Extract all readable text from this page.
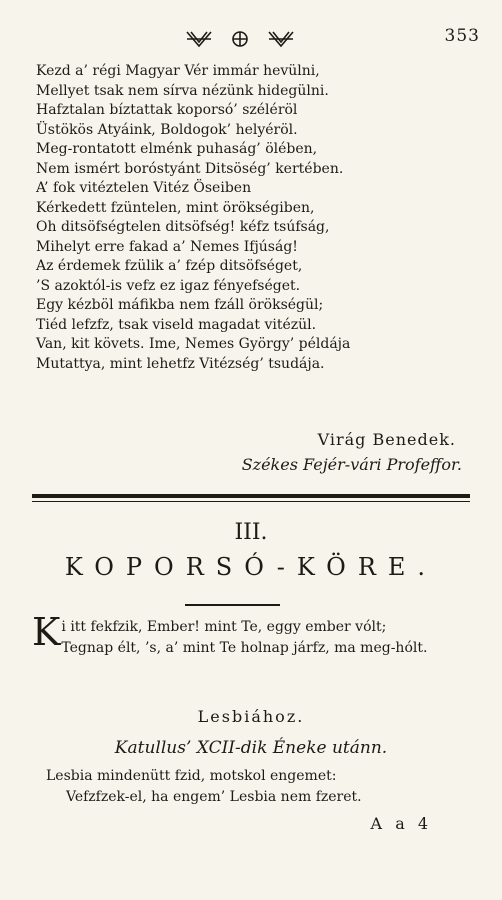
353
Kezd a’ régi Magyar Vér immár hevülni,
Mellyet tsak nem sírva nézünk hidegülni.
Hafztalan bíztattak koporsó’ széléröl
Üstökös Atyáink, Boldogok’ helyéröl.
Meg-rontatott elménk puhaság’ ölében,
Nem ismért boróstyánt Ditsöség’ kertében.
A’ fok vitéztelen Vitéz Öseiben
Kérkedett fzüntelen, mint örökségiben,
Oh ditsöfségtelen ditsöfség! kéfz tsúfság,
Mihelyt erre fakad a’ Nemes Ifjúság!
Az érdemek fzülik a’ fzép ditsöfséget,
’S azoktól-is vefz ez igaz fényefséget.
Egy kézböl máfikba nem fzáll örökségül;
Tiéd lefzfz, tsak viseld magadat vitézül.
Van, kit követs. Ime, Nemes György’ példája
Mutattya, mint lehetfz Vitézség’ tsudája.
Virág Benedek.
Székes Fejér-vári Profeffor.
III.
KOPORSÓ-KÖRE.
K i itt fekfzik, Ember! mint Te, eggy ember vólt;
Tegnap élt, ’s, a’ mint Te holnap járfz, ma meg-hólt.
Lesbiához.
Katullus’ XCII-dik Éneke utánn.
Lesbia mindenütt fzid, motskol engemet:
Vefzfzek-el, ha engem’ Lesbia nem fzeret.
A a 4
